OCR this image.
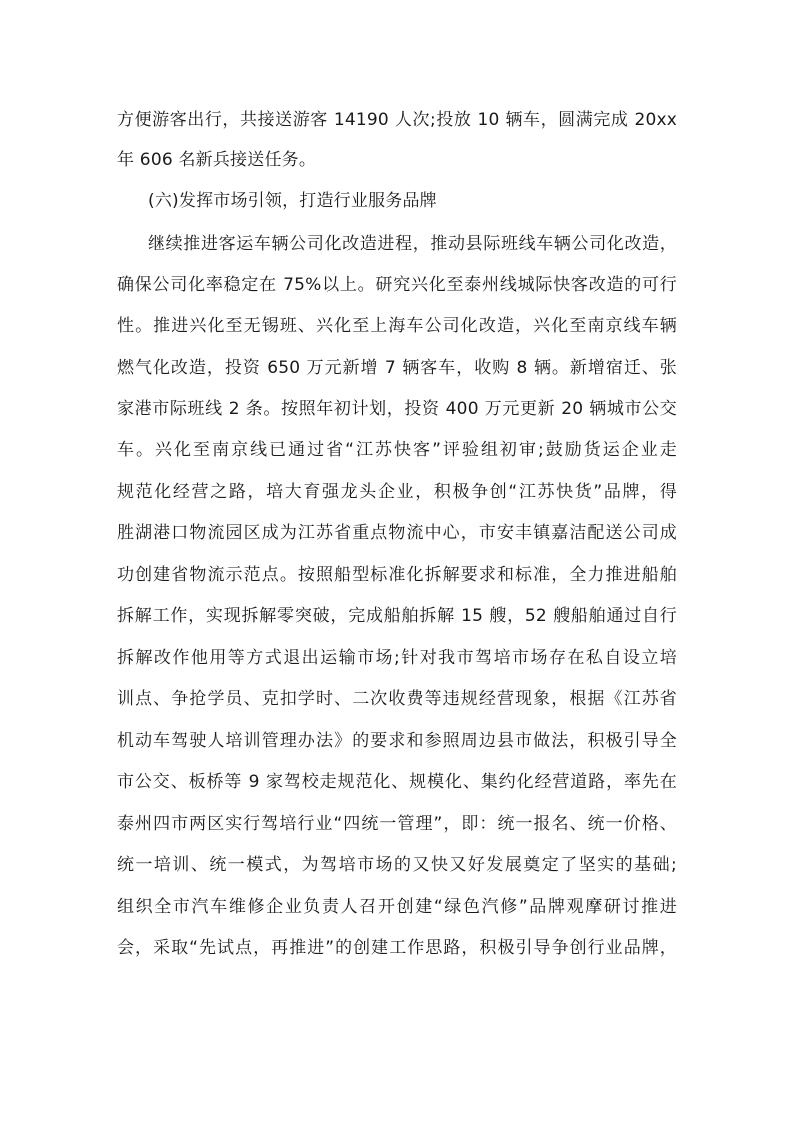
方便游客出行，共接送游客 14190 人次;投放 10 辆车，圆满完成 20xx
年 606 名新兵接送任务。
(六)发挥市场引领，打造行业服务品牌
继续推进客运车辆公司化改造进程，推动县际班线车辆公司化改造，
确保公司化率稳定在 75%以上。研究兴化至泰州线城际快客改造的可行
性。推进兴化至无锡班、兴化至上海车公司化改造，兴化至南京线车辆
燃气化改造，投资 650 万元新增 7 辆客车，收购 8 辆。新增宿迁、张
家港市际班线 2 条。按照年初计划，投资 400 万元更新 20 辆城市公交
车。兴化至南京线已通过省“江苏快客”评验组初审;鼓励货运企业走
规范化经营之路，培大育强龙头企业，积极争创“江苏快货”品牌，得
胜湖港口物流园区成为江苏省重点物流中心，市安丰镇嘉洁配送公司成
功创建省物流示范点。按照船型标准化拆解要求和标准，全力推进船舶
拆解工作，实现拆解零突破，完成船舶拆解 15 艘，52 艘船舶通过自行
拆解改作他用等方式退出运输市场;针对我市驾培市场存在私自设立培
训点、争抢学员、克扣学时、二次收费等违规经营现象，根据《江苏省
机动车驾驶人培训管理办法》的要求和参照周边县市做法，积极引导全
市公交、板桥等 9 家驾校走规范化、规模化、集约化经营道路，率先在
泰州四市两区实行驾培行业“四统一管理”，即：统一报名、统一价格、
统一培训、统一模式，为驾培市场的又快又好发展奠定了坚实的基础;
组织全市汽车维修企业负责人召开创建“绿色汽修”品牌观摩研讨推进
会，采取“先试点，再推进”的创建工作思路，积极引导争创行业品牌，
